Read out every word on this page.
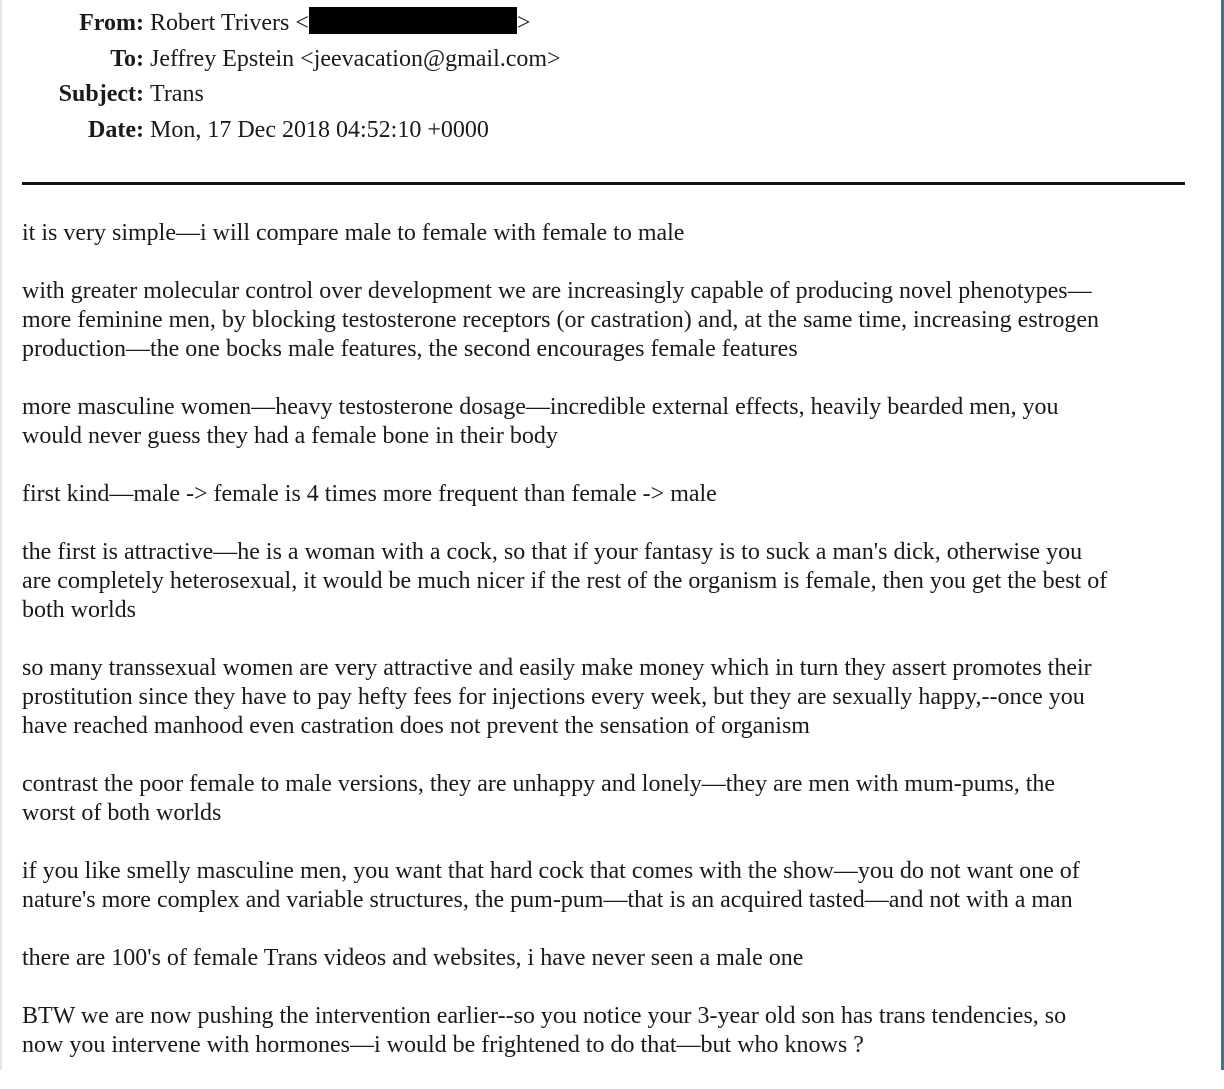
From: Robert Trivers <	>
To: Jeffrey Epstein <jeevacation@gmail.com>
Subject: Trans
Date: Mon, 17 Dec 2018 04:52:10 +0000
it is very simple—i will compare male to female with female to male
with greater molecular control over development we are increasingly capable of producing novel phenotypes—
more feminine men, by blocking testosterone receptors (or castration) and, at the same time, increasing estrogen
production—the one bocks male features, the second encourages female features
more masculine women—heavy testosterone dosage—incredible external effects, heavily bearded men, you
would never guess they had a female bone in their body
first kind—male -> female is 4 times more frequent than female -> male
the first is attractive—he is a woman with a cock, so that if your fantasy is to suck a man's dick, otherwise you
are completely heterosexual, it would be much nicer if the rest of the organism is female, then you get the best of
both worlds
so many transsexual women are very attractive and easily make money which in turn they assert promotes their
prostitution since they have to pay hefty fees for injections every week, but they are sexually happy,--once you
have reached manhood even castration does not prevent the sensation of organism
contrast the poor female to male versions, they are unhappy and lonely—they are men with mum-pums, the
worst of both worlds
if you like smelly masculine men, you want that hard cock that comes with the show—you do not want one of
nature's more complex and variable structures, the pum-pum—that is an acquired tasted—and not with a man
there are 100's of female Trans videos and websites, i have never seen a male one
BTW we are now pushing the intervention earlier--so you notice your 3-year old son has trans tendencies, so
now you intervene with hormones—i would be frightened to do that—but who knows ?
